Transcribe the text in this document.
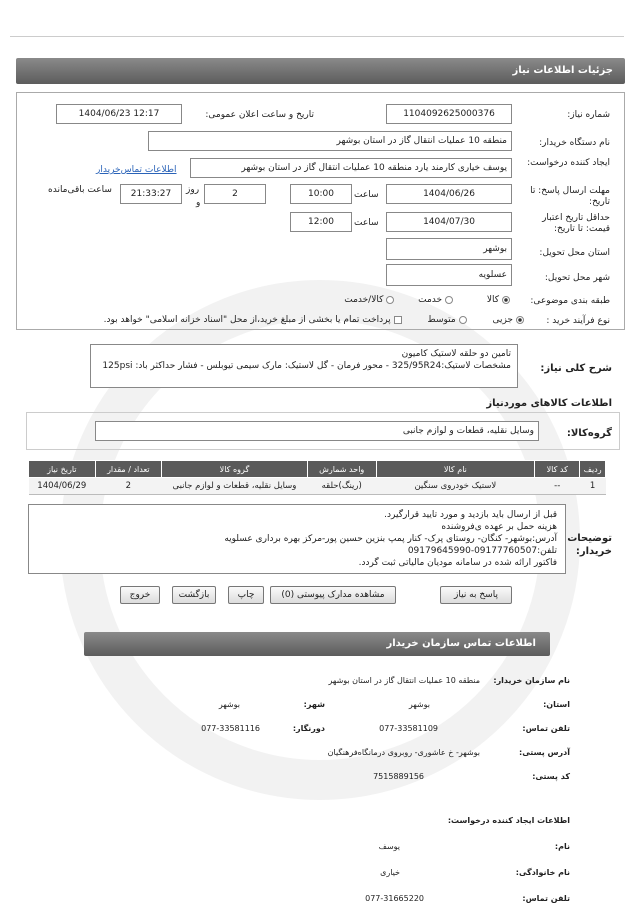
جزئیات اطلاعات نیاز
شماره نیاز:
1104092625000376
تاریخ و ساعت اعلان عمومی:
1404/06/23 12:17
نام دستگاه خریدار:
منطقه 10 عملیات انتقال گاز در استان بوشهر
ایجاد کننده درخواست:
یوسف خیاری کارمند یارد منطقه 10 عملیات انتقال گاز در استان بوشهر
اطلاعات تماس‌خریدار
مهلت ارسال پاسخ: تا تاریخ:
1404/06/26
ساعت
10:00
2
روز
و
21:33:27
ساعت باقی‌مانده
حداقل تاریخ اعتبار قیمت: تا تاریخ:
1404/07/30
ساعت
12:00
استان محل تحویل:
بوشهر
شهر محل تحویل:
عسلویه
طبقه بندی موضوعی:
کالا  خدمت  کالا/خدمت
نوع فرآیند خرید :
جزیی  متوسط  پرداخت تمام یا بخشی از مبلغ خرید،از محل "اسناد خزانه اسلامی" خواهد بود.
شرح کلی نیاز:
تامین دو حلقه لاستیک کامیون
مشخصات لاستیک:325/95R24 - محور فرمان - گل لاستیک: مارک سیمی تیوبلس - فشار حداکثر باد: 125psi
اطلاعات کالاهای موردنیاز
گروه‌کالا:
وسایل نقلیه، قطعات و لوازم جانبی
ردیف	کد کالا	نام کالا	واحد شمارش	گروه کالا	تعداد / مقدار	تاریخ نیاز
1	--	لاستیک خودروی سنگین	(رینگ)حلقه	وسایل نقلیه، قطعات و لوازم جانبی	2	1404/06/29
توضیحات خریدار:
قبل از ارسال باید بازدید و مورد تایید قرارگیرد.
هزینه حمل بر عهده ی‌فروشنده
آدرس:بوشهر- کنگان- روستای پرک- کنار پمپ بنزین حسین پور-مرکز بهره برداری عسلویه
تلفن:09177760507-09179645990
فاکتور ارائه شده در سامانه مودیان مالیاتی ثبت گردد.
پاسخ به نیاز
مشاهده مدارک پیوستی (0)
چاپ
بازگشت
خروج
اطلاعات تماس سازمان خریدار
نام سازمان خریدار:
منطقه 10 عملیات انتقال گاز در استان بوشهر
استان:
بوشهر
شهر:
بوشهر
تلفن تماس:
077-33581109
دورنگار:
077-33581116
آدرس پستی:
بوشهر- خ عاشوری- روبروی درمانگاه‌فرهنگیان
کد پستی:
7515889156
اطلاعات ایجاد کننده درخواست:
نام:
یوسف
نام خانوادگی:
خیاری
تلفن تماس:
077-31665220
